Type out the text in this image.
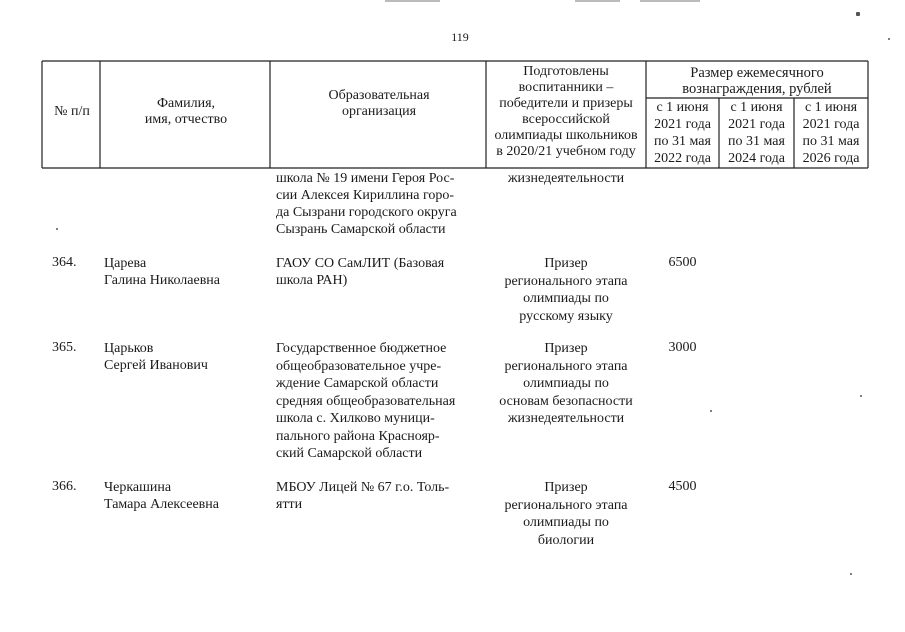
119
№ п/п
Фамилия,
имя, отчество
Образовательная
организация
Подготовлены
воспитанники –
победители и призеры
всероссийской
олимпиады школьников
в 2020/21 учебном году
Размер ежемесячного
вознаграждения, рублей
с 1 июня
2021 года
по 31 мая
2022 года
с 1 июня
2021 года
по 31 мая
2024 года
с 1 июня
2021 года
по 31 мая
2026 года
школа № 19 имени Героя Рос-
сии Алексея Кириллина горо-
да Сызрани городского округа
Сызрань Самарской области
жизнедеятельности
364. Царева
Галина Николаевна
ГАОУ СО СамЛИТ (Базовая
школа РАН)
Призер
регионального этапа
олимпиады по
русскому языку
6500
365. Царьков
Сергей Иванович
Государственное бюджетное
общеобразовательное учре-
ждение Самарской области
средняя общеобразовательная
школа с. Хилково муници-
пального района Краснояр-
ский Самарской области
Призер
регионального этапа
олимпиады по
основам безопасности
жизнедеятельности
3000
366. Черкашина
Тамара Алексеевна
МБОУ Лицей № 67 г.о. Толь-
ятти
Призер
регионального этапа
олимпиады по
биологии
4500
